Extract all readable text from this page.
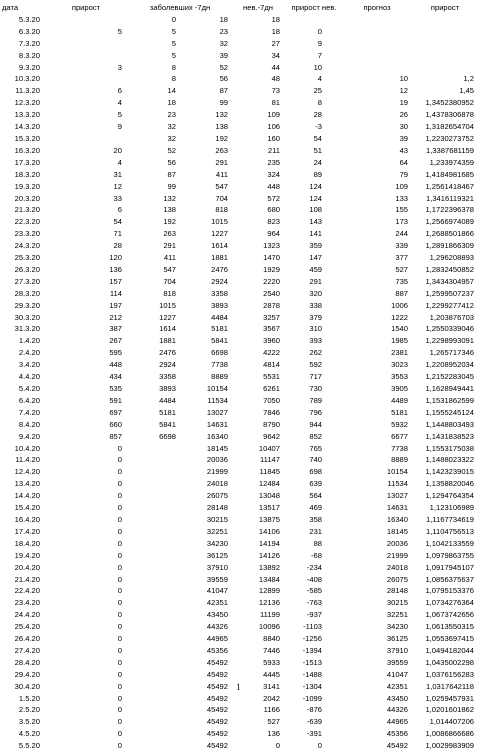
дата	прирост	заболевших -7дн		нев.-7дн	прирост нев.	прогноз	прирост
5.3.20		0	18	18			
6.3.20	5	5	23	18	0		
7.3.20		5	32	27	9		
8.3.20		5	39	34	7		
9.3.20	3	8	52	44	10		
10.3.20		8	56	48	4	10	1,2
11.3.20	6	14	87	73	25	12	1,45
12.3.20	4	18	99	81	8	19	1,3452380952
13.3.20	5	23	132	109	28	26	1,4378306878
14.3.20	9	32	138	106	-3	30	1,3182654704
15.3.20		32	192	160	54	39	1,2230273752
16.3.20	20	52	263	211	51	43	1,3387681159
17.3.20	4	56	291	235	24	64	1,233974359
18.3.20	31	87	411	324	89	79	1,4184981685
19.3.20	12	99	547	448	124	109	1,2561418467
20.3.20	33	132	704	572	124	133	1,3416119321
21.3.20	6	138	818	680	108	155	1,1722396378
22.3.20	54	192	1015	823	143	173	1,2566974089
23.3.20	71	263	1227	964	141	244	1,2688501866
24.3.20	28	291	1614	1323	359	339	1,2891866309
25.3.20	120	411	1881	1470	147	377	1,296208893
26.3.20	136	547	2476	1929	459	527	1,2832450852
27.3.20	157	704	2924	2220	291	735	1,3434304957
28.3.20	114	818	3358	2540	320	887	1,2599507237
29.3.20	197	1015	3893	2878	338	1006	1,2299277412
30.3.20	212	1227	4484	3257	379	1222	1,203876703
31.3.20	387	1614	5181	3567	310	1540	1,2550339046
1.4.20	267	1881	5841	3960	393	1985	1,2298993091
2.4.20	595	2476	6698	4222	262	2381	1,265717346
3.4.20	448	2924	7738	4814	592	3023	1,2208952034
4.4.20	434	3358	8889	5531	717	3553	1,2152283045
5.4.20	535	3893	10154	6261	730	3905	1,1628949441
6.4.20	591	4484	11534	7050	789	4489	1,1531862599
7.4.20	697	5181	13027	7846	796	5181	1,1555245124
8.4.20	660	5841	14631	8790	944	5932	1,1448803493
9.4.20	857	6698	16340	9642	852	6677	1,1431838523
10.4.20	0		18145	10407	765	7738	1,1553175038
11.4.20	0		20036	11147	740	8889	1,1488023322
12.4.20	0		21999	11845	698	10154	1,1423239015
13.4.20	0		24018	12484	639	11534	1,1358820046
14.4.20	0		26075	13048	564	13027	1,1294764354
15.4.20	0		28148	13517	469	14631	1,123106989
16.4.20	0		30215	13875	358	16340	1,1167734619
17.4.20	0		32251	14106	231	18145	1,1104756513
18.4.20	0		34230	14194	88	20036	1,1042133559
19.4.20	0		36125	14126	-68	21999	1,0979863755
20.4.20	0		37910	13892	-234	24018	1,0917945107
21.4.20	0		39559	13484	-408	26075	1,0856375637
22.4.20	0		41047	12899	-585	28148	1,0795153376
23.4.20	0		42351	12136	-763	30215	1,0734276364
24.4.20	0		43450	11199	-937	32251	1,0673742656
25.4.20	0		44326	10096	-1103	34230	1,0613550315
26.4.20	0		44965	8840	-1256	36125	1,0553697415
27.4.20	0		45356	7446	-1394	37910	1,0494182044
28.4.20	0		45492	5933	-1513	39559	1,0435002298
29.4.20	0		45492	4445	-1488	41047	1,0376156283
30.4.20	0		45492	3141	-1304	42351	1,0317642118
1.5.20	0		45492	2042	-1099	43450	1,0259457931
2.5.20	0		45492	1166	-876	44326	1,0201601862
3.5.20	0		45492	527	-639	44965	1,014407206
4.5.20	0		45492	136	-391	45356	1,0086866686
5.5.20	0		45492	0	0	45492	1,0029983909
1
